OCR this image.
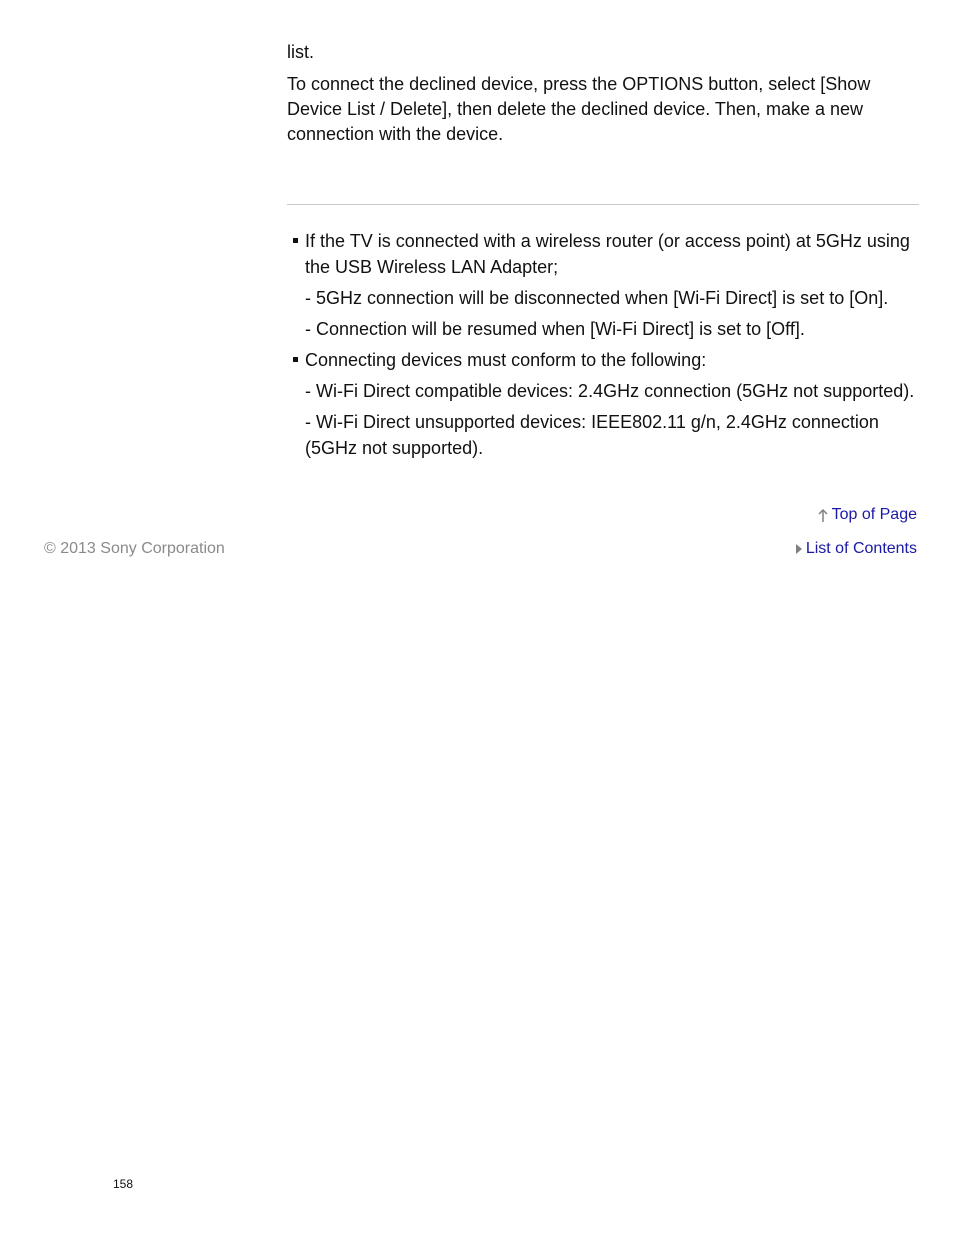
list.

To connect the declined device, press the OPTIONS button, select [Show Device List / Delete], then delete the declined device. Then, make a new connection with the device.

If the TV is connected with a wireless router (or access point) at 5GHz using the USB Wireless LAN Adapter;
- 5GHz connection will be disconnected when [Wi-Fi Direct] is set to [On].
- Connection will be resumed when [Wi-Fi Direct] is set to [Off].
Connecting devices must conform to the following:
- Wi-Fi Direct compatible devices: 2.4GHz connection (5GHz not supported).
- Wi-Fi Direct unsupported devices: IEEE802.11 g/n, 2.4GHz connection (5GHz not supported).
Top of Page
© 2013 Sony Corporation	List of Contents
158
